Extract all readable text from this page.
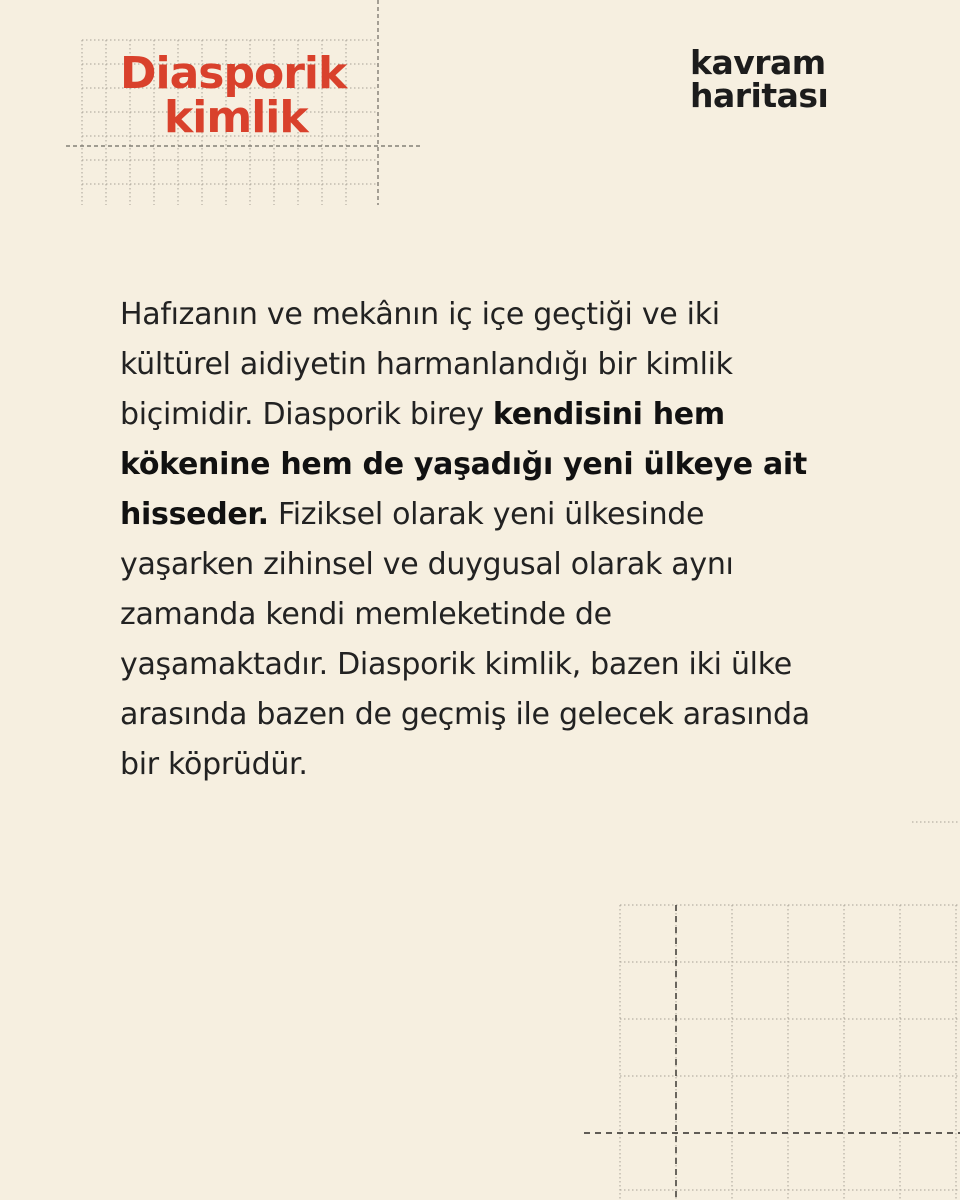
Diasporik
kimlik
kavram
haritası

Hafızanın ve mekânın iç içe geçtiği ve iki kültürel aidiyetin harmanlandığı bir kimlik biçimidir. Diasporik birey kendisini hem kökenine hem de yaşadığı yeni ülkeye ait hisseder. Fiziksel olarak yeni ülkesinde yaşarken zihinsel ve duygusal olarak aynı zamanda kendi memleketinde de yaşamaktadır. Diasporik kimlik, bazen iki ülke arasında bazen de geçmiş ile gelecek arasında bir köprüdür.
